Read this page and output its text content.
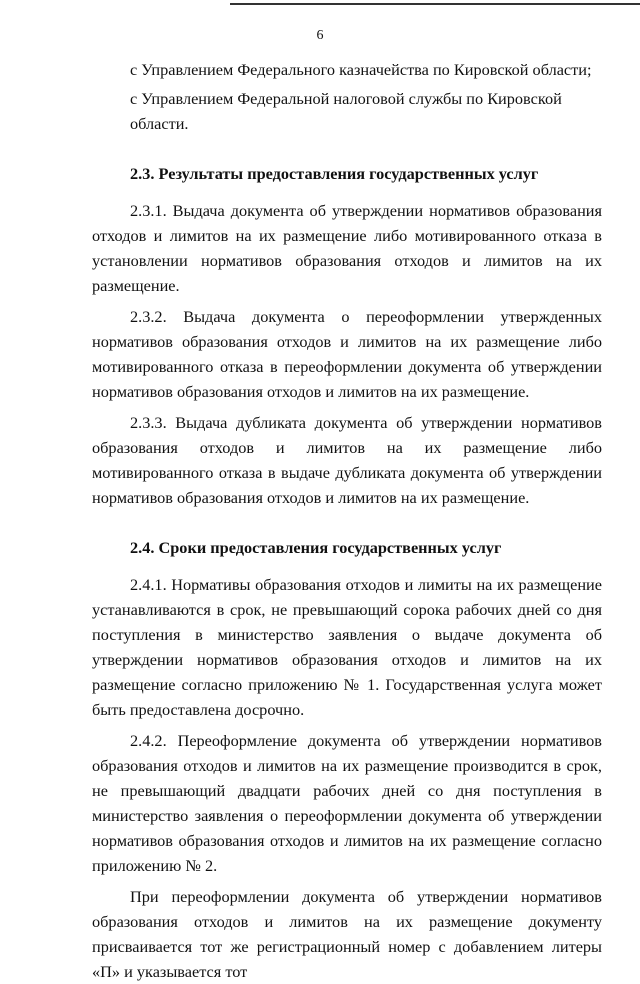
6
с Управлением Федерального казначейства по Кировской области;
с Управлением Федеральной налоговой службы по Кировской области.
2.3. Результаты предоставления государственных услуг

2.3.1. Выдача документа об утверждении нормативов образования отходов и лимитов на их размещение либо мотивированного отказа в установлении нормативов образования отходов и лимитов на их размещение.

2.3.2. Выдача документа о переоформлении утвержденных нормативов образования отходов и лимитов на их размещение либо мотивированного отказа в переоформлении документа об утверждении нормативов образования отходов и лимитов на их размещение.

2.3.3. Выдача дубликата документа об утверждении нормативов образования отходов и лимитов на их размещение либо мотивированного отказа в выдаче дубликата документа об утверждении нормативов образования отходов и лимитов на их размещение.

2.4. Сроки предоставления государственных услуг

2.4.1. Нормативы образования отходов и лимиты на их размещение устанавливаются в срок, не превышающий сорока рабочих дней со дня поступления в министерство заявления о выдаче документа об утверждении нормативов образования отходов и лимитов на их размещение согласно приложению № 1. Государственная услуга может быть предоставлена досрочно.

2.4.2. Переоформление документа об утверждении нормативов образования отходов и лимитов на их размещение производится в срок, не превышающий двадцати рабочих дней со дня поступления в министерство заявления о переоформлении документа об утверждении нормативов образования отходов и лимитов на их размещение согласно приложению № 2.

При переоформлении документа об утверждении нормативов образования отходов и лимитов на их размещение документу присваивается тот же регистрационный номер с добавлением литеры «П» и указывается тот
